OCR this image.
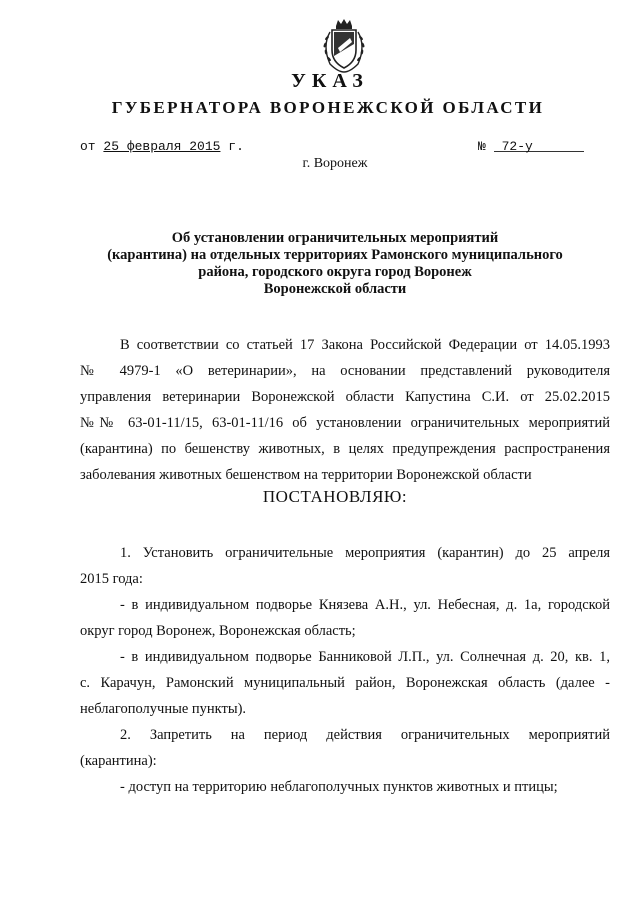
УКАЗ
ГУБЕРНАТОРА ВОРОНЕЖСКОЙ ОБЛАСТИ
от 25 февраля 2015 г.	№ 72-у
г. Воронеж
Об установлении ограничительных мероприятий
(карантина) на отдельных территориях Рамонского муниципального
района, городского округа город Воронеж
Воронежской области
В соответствии со статьей 17 Закона Российской Федерации от 14.05.1993
№ 4979-1 «О ветеринарии», на основании представлений руководителя
управления ветеринарии Воронежской области Капустина С.И. от 25.02.2015
№№ 63-01-11/15, 63-01-11/16 об установлении ограничительных мероприятий
(карантина) по бешенству животных, в целях предупреждения распространения
заболевания животных бешенством на территории Воронежской области
ПОСТАНОВЛЯЮ:
1. Установить ограничительные мероприятия (карантин) до 25 апреля
2015 года:
- в индивидуальном подворье Князева А.Н., ул. Небесная, д. 1а, городской
округ город Воронеж, Воронежская область;
- в индивидуальном подворье Банниковой Л.П., ул. Солнечная д. 20, кв. 1,
с. Карачун, Рамонский муниципальный район, Воронежская область (далее -
неблагополучные пункты).
2. Запретить на период действия ограничительных мероприятий
(карантина):
- доступ на территорию неблагополучных пунктов животных и птицы;
